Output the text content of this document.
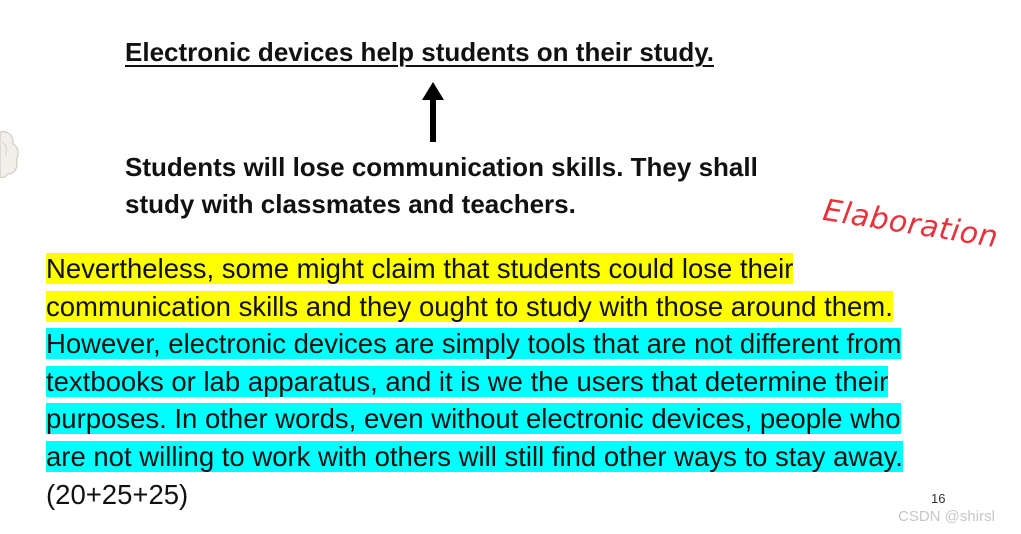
Electronic devices help students on their study.
Students will lose communication skills. They shall study with classmates and teachers.	Elaboration
Nevertheless, some might claim that students could lose their communication skills and they ought to study with those around them. However, electronic devices are simply tools that are not different from textbooks or lab apparatus, and it is we the users that determine their purposes. In other words, even without electronic devices, people who are not willing to work with others will still find other ways to stay away. (20+25+25)	16
CSDN @shirsl
